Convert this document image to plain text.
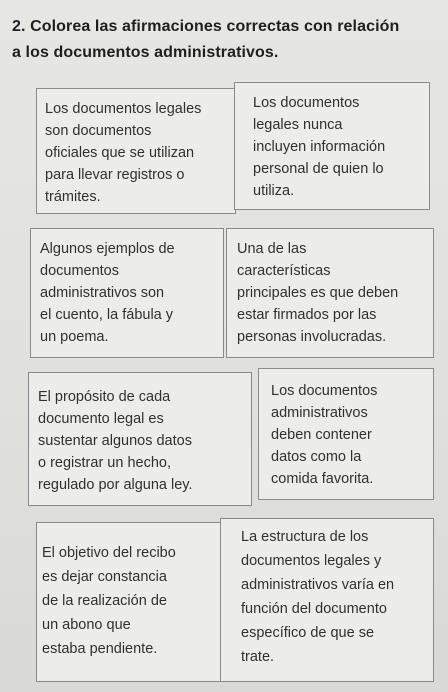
2. Colorea las afirmaciones correctas con relación
a los documentos administrativos.

Los documentos legales
son documentos
oficiales que se utilizan
para llevar registros o
trámites.

Los documentos
legales nunca
incluyen información
personal de quien lo
utiliza.

Algunos ejemplos de
documentos
administrativos son
el cuento, la fábula y
un poema.

Una de las
características
principales es que deben
estar firmados por las
personas involucradas.

El propósito de cada
documento legal es
sustentar algunos datos
o registrar un hecho,
regulado por alguna ley.

Los documentos
administrativos
deben contener
datos como la
comida favorita.

El objetivo del recibo
es dejar constancia
de la realización de
un abono que
estaba pendiente.

La estructura de los
documentos legales y
administrativos varía en
función del documento
específico de que se
trate.
